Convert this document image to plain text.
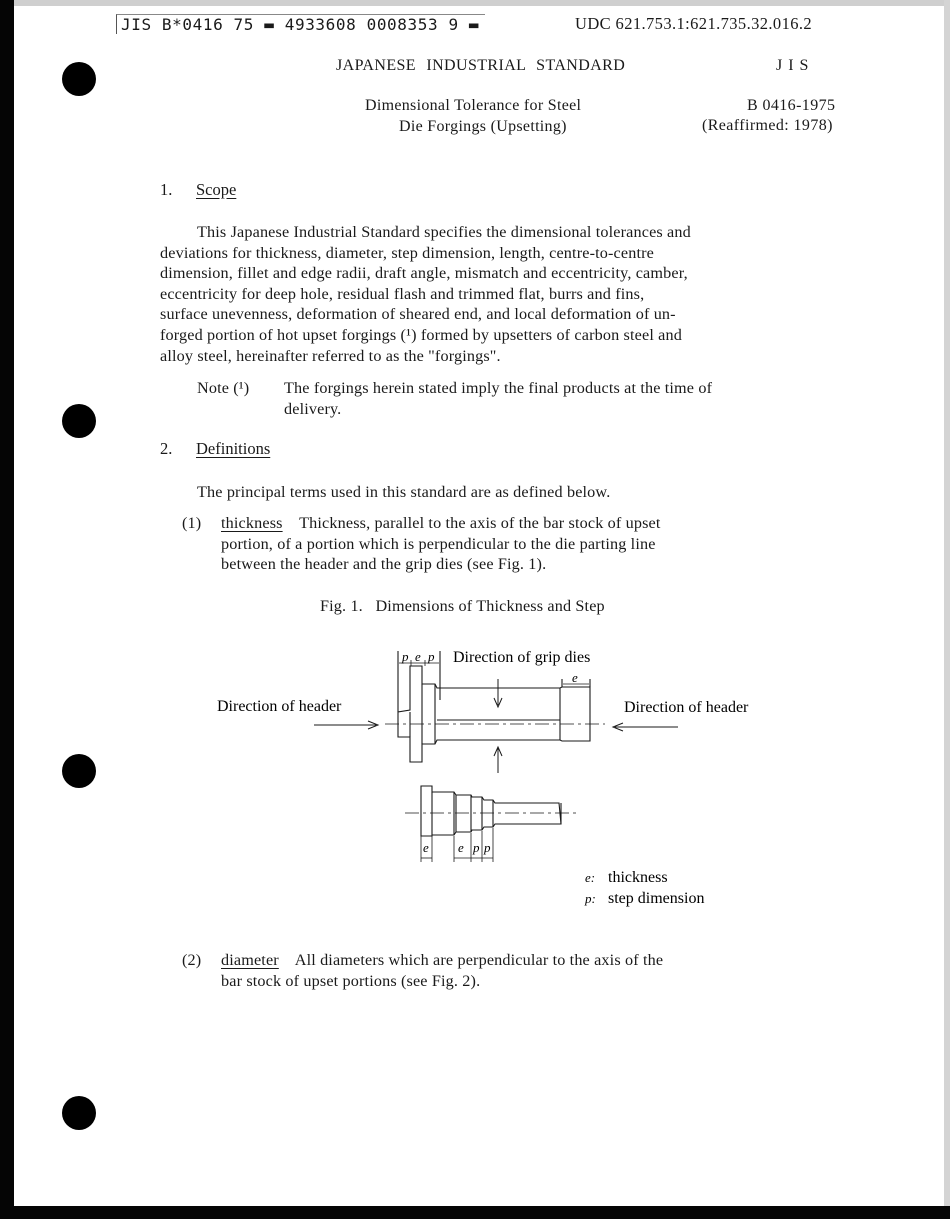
JIS B*0416 75 ▬ 4933608 0008353 9 ▬	UDC 621.753.1:621.735.32.016.2
JAPANESE INDUSTRIAL STANDARD	J I S
Dimensional Tolerance for Steel
Die Forgings (Upsetting)
B 0416-1975
(Reaffirmed: 1978)
1. Scope

This Japanese Industrial Standard specifies the dimensional tolerances and

deviations for thickness, diameter, step dimension, length, centre-to-centre

dimension, fillet and edge radii, draft angle, mismatch and eccentricity, camber,

eccentricity for deep hole, residual flash and trimmed flat, burrs and fins,

surface unevenness, deformation of sheared end, and local deformation of un-

forged portion of hot upset forgings (¹) formed by upsetters of carbon steel and

alloy steel, hereinafter referred to as the "forgings".

Note (¹) The forgings herein stated imply the final products at the time of

delivery.

2. Definitions
The principal terms used in this standard are as defined below.
(1) thickness Thickness, parallel to the axis of the bar stock of upset

portion, of a portion which is perpendicular to the die parting line

between the header and the grip dies (see Fig. 1).

Fig. 1.   Dimensions of Thickness and Step
p e p
e
e e p p
Direction of grip dies
Direction of header	Direction of header
e: thickness
p: step dimension
(2) diameter All diameters which are perpendicular to the axis of the

bar stock of upset portions (see Fig. 2).
